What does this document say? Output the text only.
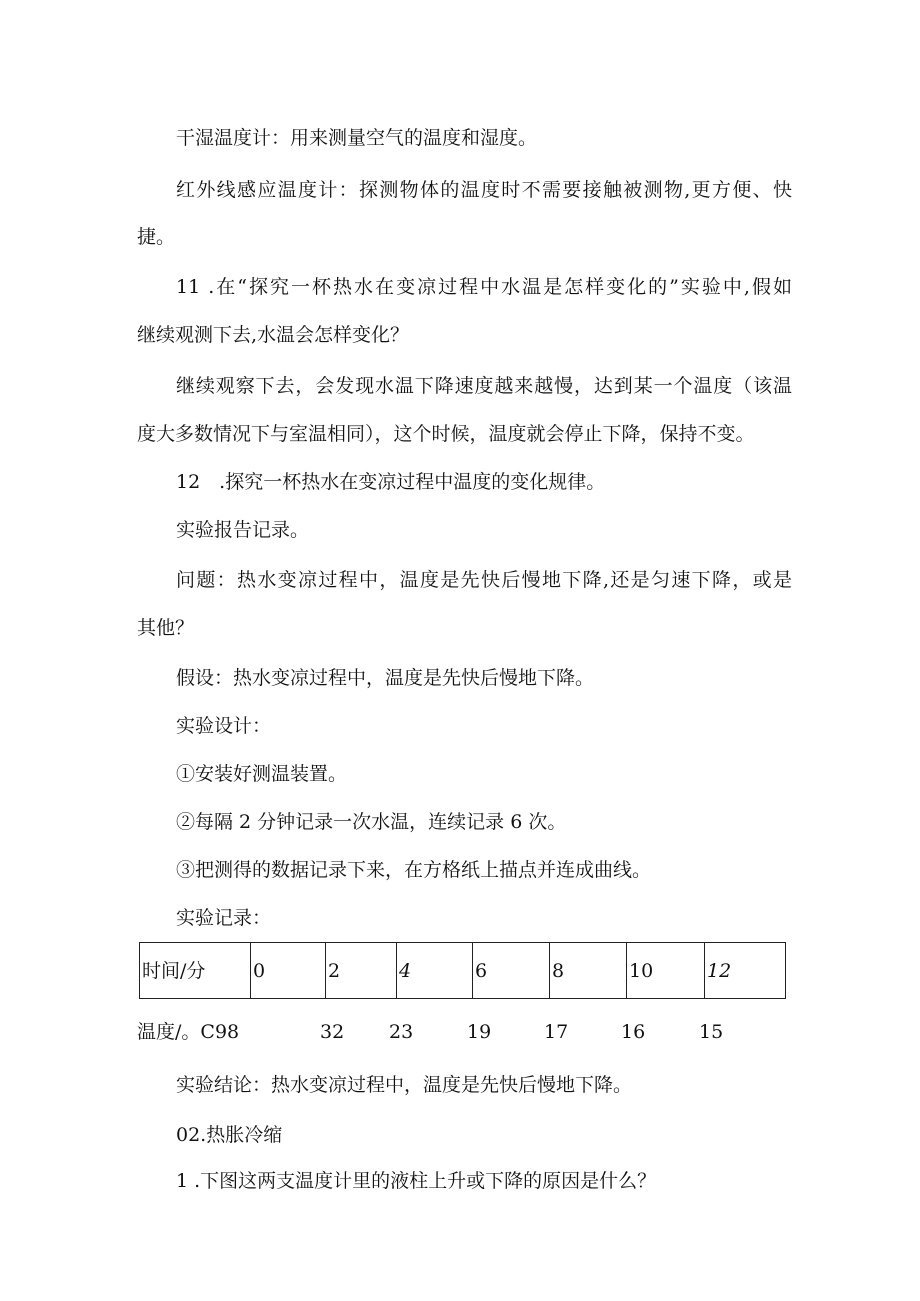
干湿温度计：用来测量空气的温度和湿度。
红外线感应温度计：探测物体的温度时不需要接触被测物,更方便、快
捷。
11 .在“探究一杯热水在变凉过程中水温是怎样变化的”实验中,假如
继续观测下去,水温会怎样变化？
继续观察下去，会发现水温下降速度越来越慢，达到某一个温度（该温
度大多数情况下与室温相同），这个时候，温度就会停止下降，保持不变。
12　.探究一杯热水在变凉过程中温度的变化规律。
实验报告记录。
问题：热水变凉过程中，温度是先快后慢地下降,还是匀速下降，或是
其他？
假设：热水变凉过程中，温度是先快后慢地下降。
实验设计：
①安装好测温装置。
②每隔 2 分钟记录一次水温，连续记录 6 次。
③把测得的数据记录下来，在方格纸上描点并连成曲线。
实验记录：
时间/分	0	2	4	6	8	10	12
温度/。C98	32 23	19	17	16	15
实验结论：热水变凉过程中，温度是先快后慢地下降。
02.热胀冷缩
1 .下图这两支温度计里的液柱上升或下降的原因是什么？
